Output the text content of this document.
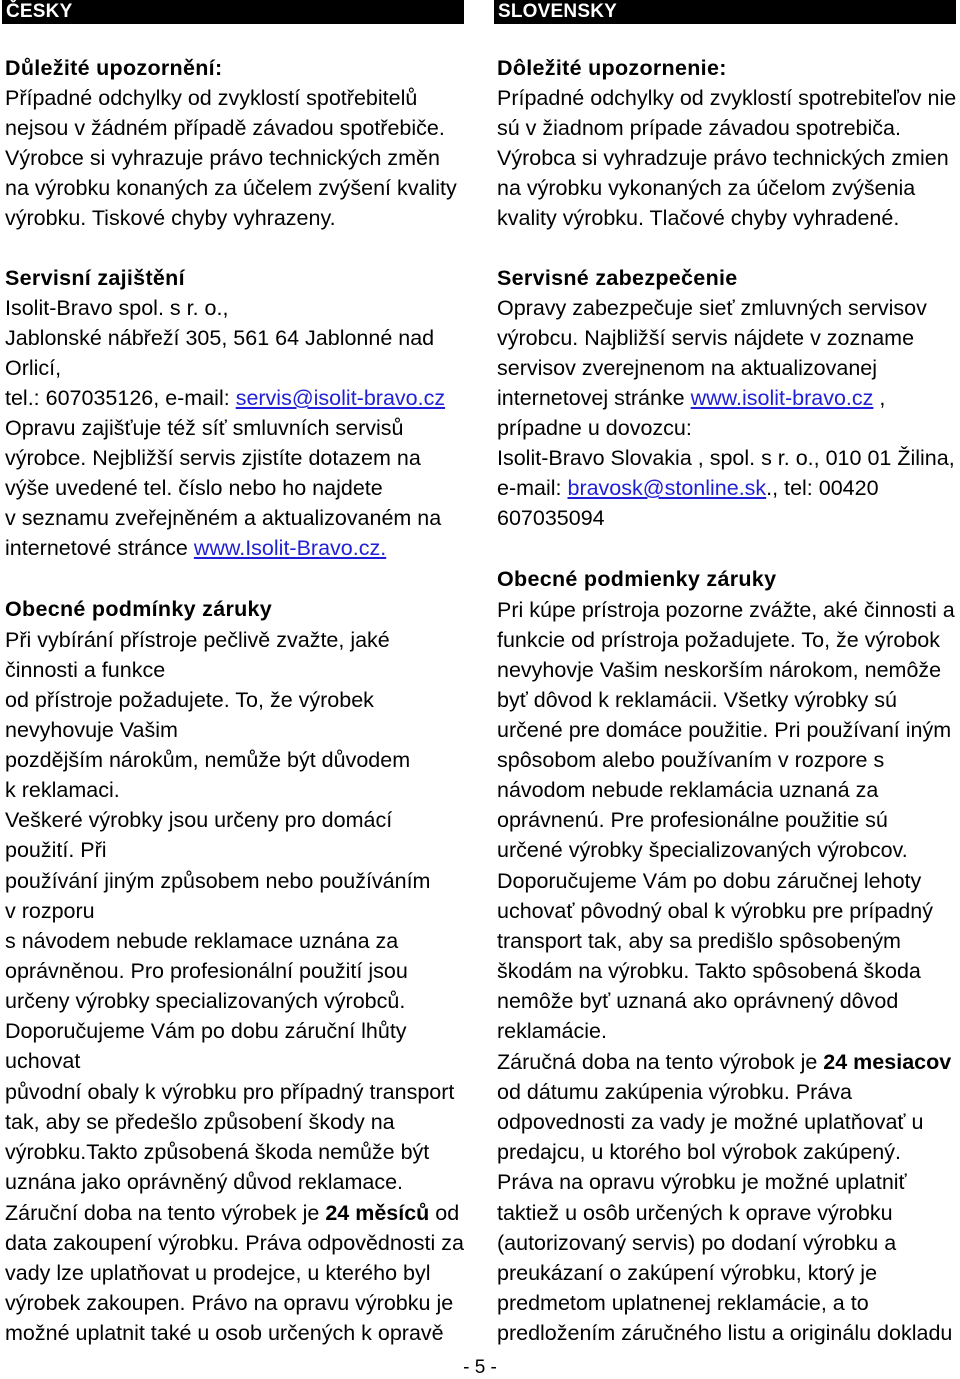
ČESKY
Důležité upozornění:
Případné odchylky od zvyklostí spotřebitelů
nejsou v žádném případě závadou spotřebiče.
Výrobce si vyhrazuje právo technických změn
na výrobku konaných za účelem zvýšení kvality
výrobku. Tiskové chyby vyhrazeny.
Servisní zajištění
Isolit-Bravo spol. s r. o.,
Jablonské nábřeží 305, 561 64 Jablonné nad
Orlicí,
tel.: 607035126, e-mail: servis@isolit-bravo.cz
Opravu zajišťuje též síť smluvních servisů
výrobce. Nejbližší servis zjistíte dotazem na
výše uvedené tel. číslo nebo ho najdete
v seznamu zveřejněném a aktualizovaném na
internetové stránce www.Isolit-Bravo.cz.
Obecné podmínky záruky
Při vybírání přístroje pečlivě zvažte, jaké
činnosti a funkce
od přístroje požadujete. To, že výrobek
nevyhovuje Vašim
pozdějším nárokům, nemůže být důvodem
k reklamaci.
Veškeré výrobky jsou určeny pro domácí
použití. Při
používání jiným způsobem nebo používáním
v rozporu
s návodem nebude reklamace uznána za
oprávněnou. Pro profesionální použití jsou
určeny výrobky specializovaných výrobců.
Doporučujeme Vám po dobu záruční lhůty
uchovat
původní obaly k výrobku pro případný transport
tak, aby se předešlo způsobení škody na
výrobku.Takto způsobená škoda nemůže být
uznána jako oprávněný důvod reklamace.
Záruční doba na tento výrobek je 24 měsíců od
data zakoupení výrobku. Práva odpovědnosti za
vady lze uplatňovat u prodejce, u kterého byl
výrobek zakoupen. Právo na opravu výrobku je
možné uplatnit také u osob určených k opravě
SLOVENSKY
Dôležité upozornenie:
Prípadné odchylky od zvyklostí spotrebiteľov nie
sú v žiadnom prípade závadou spotrebiča.
Výrobca si vyhradzuje právo technických zmien
na výrobku vykonaných za účelom zvýšenia
kvality výrobku. Tlačové chyby vyhradené.
Servisné zabezpečenie
Opravy zabezpečuje sieť zmluvných servisov
výrobcu. Najbližší servis nájdete v zozname
servisov zverejnenom na aktualizovanej
internetovej stránke www.isolit-bravo.cz ,
prípadne u dovozcu:
Isolit-Bravo Slovakia , spol. s r. o., 010 01 Žilina,
e-mail: bravosk@stonline.sk., tel: 00420
607035094
Obecné podmienky záruky
Pri kúpe prístroja pozorne zvážte, aké činnosti a
funkcie od prístroja požadujete. To, že výrobok
nevyhovje Vašim neskorším nárokom, nemôže
byť dôvod k reklamácii. Všetky výrobky sú
určené pre domáce použitie. Pri používaní iným
spôsobom alebo používaním v rozpore s
návodom nebude reklamácia uznaná za
oprávnenú. Pre profesionálne použitie sú
určené výrobky špecializovaných výrobcov.
Doporučujeme Vám po dobu záručnej lehoty
uchovať pôvodný obal k výrobku pre prípadný
transport tak, aby sa predišlo spôsobeným
škodám na výrobku. Takto spôsobená škoda
nemôže byť uznaná ako oprávnený dôvod
reklamácie.
Záručná doba na tento výrobok je 24 mesiacov
od dátumu zakúpenia výrobku. Práva
odpovednosti za vady je možné uplatňovať u
predajcu, u ktorého bol výrobok zakúpený.
Práva na opravu výrobku je možné uplatniť
taktiež u osôb určených k oprave výrobku
(autorizovaný servis) po dodaní výrobku a
preukázaní o zakúpení výrobku, ktorý je
predmetom uplatnenej reklamácie, a to
predložením záručného listu a originálu dokladu
- 5 -
